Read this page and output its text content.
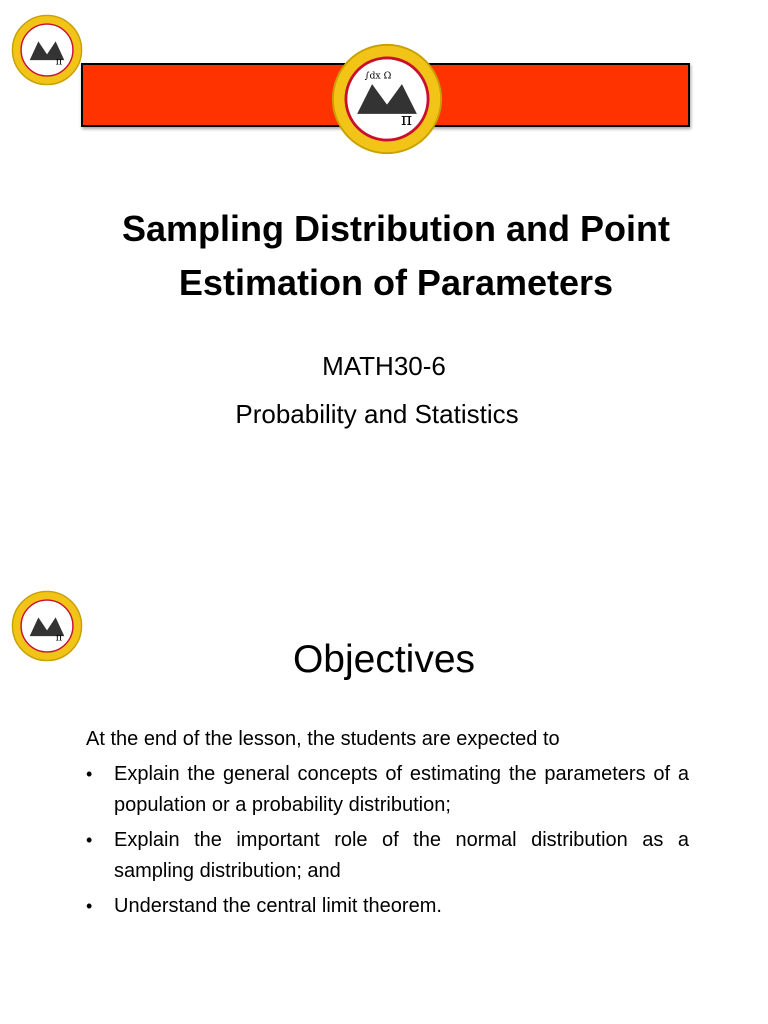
π
π
∫dx Ω
Sampling Distribution and Point
Estimation of Parameters
MATH30-6
Probability and Statistics
π
Objectives
At the end of the lesson, the students are expected to
• Explain the general concepts of estimating the parameters of a population or a probability distribution;
• Explain the important role of the normal distribution as a sampling distribution; and
• Understand the central limit theorem.
